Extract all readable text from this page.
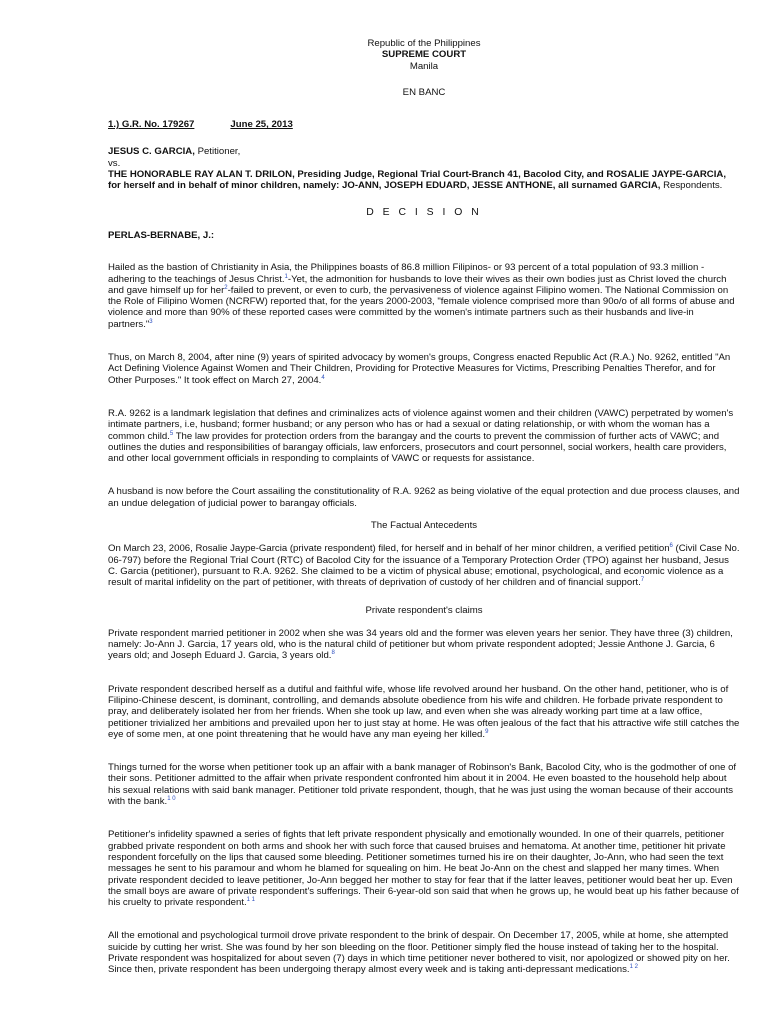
Republic of the Philippines
SUPREME COURT
Manila
EN BANC
1.) G.R. No. 179267	June 25, 2013

JESUS C. GARCIA, Petitioner,

vs.

THE HONORABLE RAY ALAN T. DRILON, Presiding Judge, Regional Trial Court-Branch 41, Bacolod City, and ROSALIE JAYPE-GARCIA, for herself and in behalf of minor children, namely: JO-ANN, JOSEPH EDUARD, JESSE ANTHONE, all surnamed GARCIA, Respondents.

D E C I S I O N
PERLAS-BERNABE, J.:

Hailed as the bastion of Christianity in Asia, the Philippines boasts of 86.8 million Filipinos- or 93 percent of a total population of 93.3 million - adhering to the teachings of Jesus Christ.$^1$-Yet, the admonition for husbands to love their wives as their own bodies just as Christ loved the church and gave himself up for her$^2$-failed to prevent, or even to curb, the pervasiveness of violence against Filipino women. The National Commission on the Role of Filipino Women (NCRFW) reported that, for the years 2000-2003, "female violence comprised more than 90o/o of all forms of abuse and violence and more than 90% of these reported cases were committed by the women's intimate partners such as their husbands and live-in partners."$^3$

Thus, on March 8, 2004, after nine (9) years of spirited advocacy by women's groups, Congress enacted Republic Act (R.A.) No. 9262, entitled "An Act Defining Violence Against Women and Their Children, Providing for Protective Measures for Victims, Prescribing Penalties Therefor, and for Other Purposes." It took effect on March 27, 2004.$^4$

R.A. 9262 is a landmark legislation that defines and criminalizes acts of violence against women and their children (VAWC) perpetrated by women's intimate partners, i.e, husband; former husband; or any person who has or had a sexual or dating relationship, or with whom the woman has a common child.$^5$ The law provides for protection orders from the barangay and the courts to prevent the commission of further acts of VAWC; and outlines the duties and responsibilities of barangay officials, law enforcers, prosecutors and court personnel, social workers, health care providers, and other local government officials in responding to complaints of VAWC or requests for assistance.

A husband is now before the Court assailing the constitutionality of R.A. 9262 as being violative of the equal protection and due process clauses, and an undue delegation of judicial power to barangay officials.

The Factual Antecedents

On March 23, 2006, Rosalie Jaype-Garcia (private respondent) filed, for herself and in behalf of her minor children, a verified petition$^6$ (Civil Case No. 06-797) before the Regional Trial Court (RTC) of Bacolod City for the issuance of a Temporary Protection Order (TPO) against her husband, Jesus C. Garcia (petitioner), pursuant to R.A. 9262. She claimed to be a victim of physical abuse; emotional, psychological, and economic violence as a result of marital infidelity on the part of petitioner, with threats of deprivation of custody of her children and of financial support.$^7$

Private respondent's claims

Private respondent married petitioner in 2002 when she was 34 years old and the former was eleven years her senior. They have three (3) children, namely: Jo-Ann J. Garcia, 17 years old, who is the natural child of petitioner but whom private respondent adopted; Jessie Anthone J. Garcia, 6 years old; and Joseph Eduard J. Garcia, 3 years old.$^8$

Private respondent described herself as a dutiful and faithful wife, whose life revolved around her husband. On the other hand, petitioner, who is of Filipino-Chinese descent, is dominant, controlling, and demands absolute obedience from his wife and children. He forbade private respondent to pray, and deliberately isolated her from her friends. When she took up law, and even when she was already working part time at a law office, petitioner trivialized her ambitions and prevailed upon her to just stay at home. He was often jealous of the fact that his attractive wife still catches the eye of some men, at one point threatening that he would have any man eyeing her killed.$^9$

Things turned for the worse when petitioner took up an affair with a bank manager of Robinson's Bank, Bacolod City, who is the godmother of one of their sons. Petitioner admitted to the affair when private respondent confronted him about it in 2004. He even boasted to the household help about his sexual relations with said bank manager. Petitioner told private respondent, though, that he was just using the woman because of their accounts with the bank.$^{1 0}$

Petitioner's infidelity spawned a series of fights that left private respondent physically and emotionally wounded. In one of their quarrels, petitioner grabbed private respondent on both arms and shook her with such force that caused bruises and hematoma. At another time, petitioner hit private respondent forcefully on the lips that caused some bleeding. Petitioner sometimes turned his ire on their daughter, Jo-Ann, who had seen the text messages he sent to his paramour and whom he blamed for squealing on him. He beat Jo-Ann on the chest and slapped her many times. When private respondent decided to leave petitioner, Jo-Ann begged her mother to stay for fear that if the latter leaves, petitioner would beat her up. Even the small boys are aware of private respondent's sufferings. Their 6-year-old son said that when he grows up, he would beat up his father because of his cruelty to private respondent.$^{1 1}$

All the emotional and psychological turmoil drove private respondent to the brink of despair. On December 17, 2005, while at home, she attempted suicide by cutting her wrist. She was found by her son bleeding on the floor. Petitioner simply fled the house instead of taking her to the hospital. Private respondent was hospitalized for about seven (7) days in which time petitioner never bothered to visit, nor apologized or showed pity on her. Since then, private respondent has been undergoing therapy almost every week and is taking anti-depressant medications.$^{1 2}$
